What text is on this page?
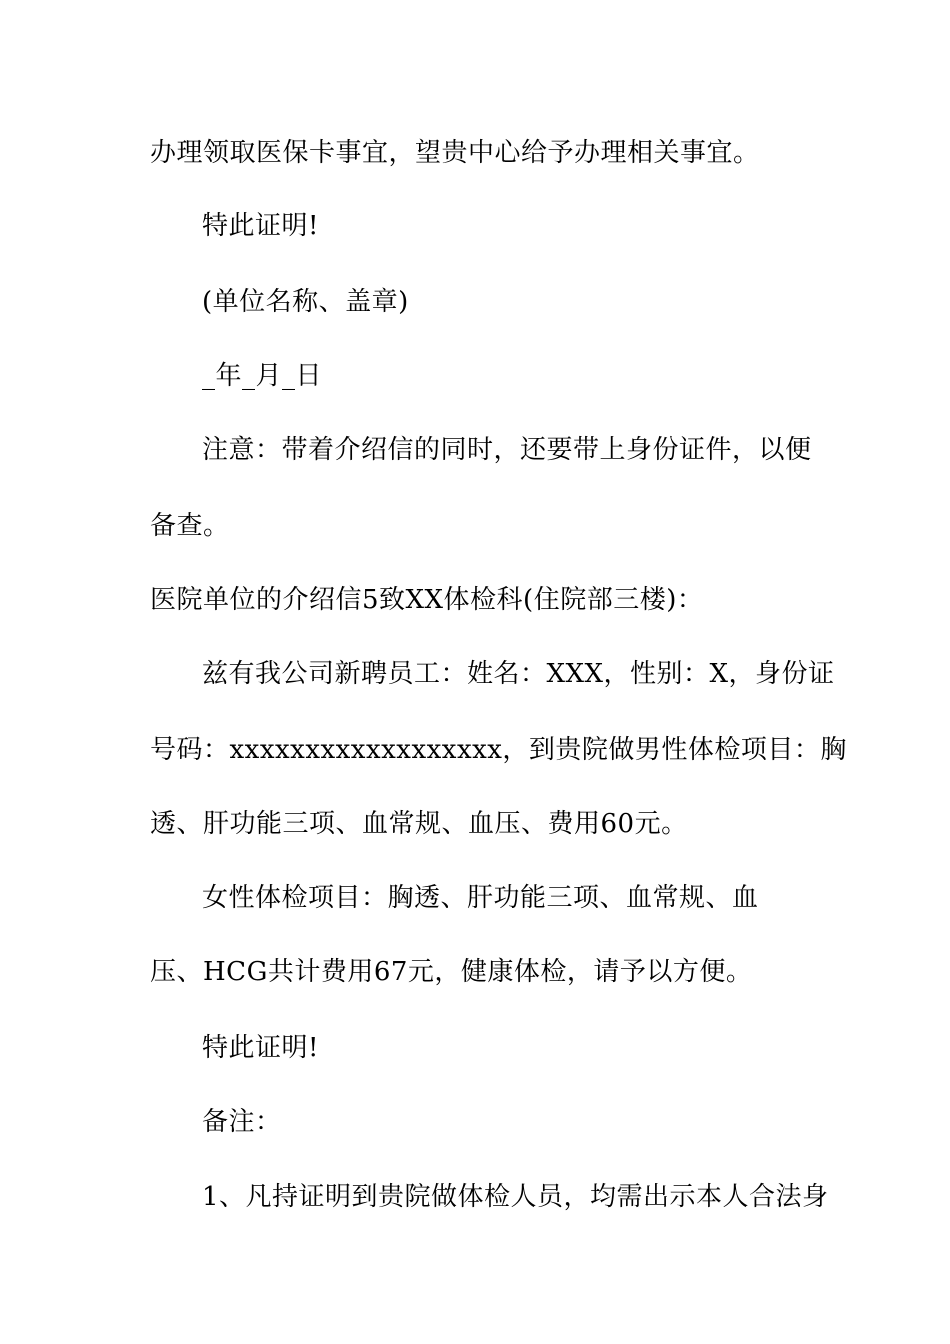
办理领取医保卡事宜，望贵中心给予办理相关事宜。
特此证明!
(单位名称、盖章)
_年_月_日
注意：带着介绍信的同时，还要带上身份证件，以便
备查。
医院单位的介绍信5致XX体检科(住院部三楼)：
兹有我公司新聘员工：姓名：XXX，性别：X，身份证
号码：xxxxxxxxxxxxxxxxxx，到贵院做男性体检项目：胸
透、肝功能三项、血常规、血压、费用60元。
女性体检项目：胸透、肝功能三项、血常规、血
压、HCG共计费用67元，健康体检，请予以方便。
特此证明!
备注：
1、凡持证明到贵院做体检人员，均需出示本人合法身
